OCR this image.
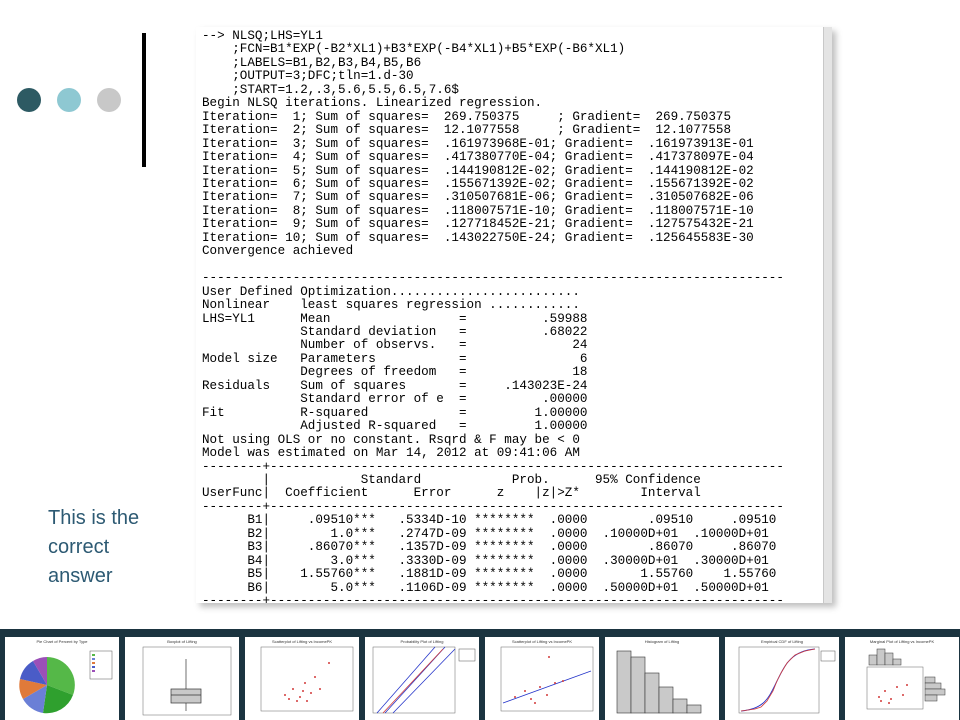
--> NLSQ;LHS=YL1
;FCN=B1*EXP(-B2*XL1)+B3*EXP(-B4*XL1)+B5*EXP(-B6*XL1)
;LABELS=B1,B2,B3,B4,B5,B6
;OUTPUT=3;DFC;tln=1.d-30
;START=1.2,.3,5.6,5.5,6.5,7.6$
Begin NLSQ iterations. Linearized regression.
Iteration=  1; Sum of squares=  269.750375     ; Gradient=  269.750375
Iteration=  2; Sum of squares=  12.1077558     ; Gradient=  12.1077558
Iteration=  3; Sum of squares=  .161973968E-01; Gradient=  .161973913E-01
Iteration=  4; Sum of squares=  .417380770E-04; Gradient=  .417378097E-04
Iteration=  5; Sum of squares=  .144190812E-02; Gradient=  .144190812E-02
Iteration=  6; Sum of squares=  .155671392E-02; Gradient=  .155671392E-02
Iteration=  7; Sum of squares=  .310507681E-06; Gradient=  .310507682E-06
Iteration=  8; Sum of squares=  .118007571E-10; Gradient=  .118007571E-10
Iteration=  9; Sum of squares=  .127718452E-21; Gradient=  .127575432E-21
Iteration= 10; Sum of squares=  .143022750E-24; Gradient=  .125645583E-30
Convergence achieved

-----------------------------------------------------------------------------
User Defined Optimization.........................
Nonlinear    least squares regression ............
LHS=YL1      Mean                 =          .59988
Standard deviation   =          .68022
Number of observs.   =              24
Model size   Parameters           =               6
Degrees of freedom   =              18
Residuals    Sum of squares       =     .143023E-24
Standard error of e  =          .00000
Fit          R-squared            =         1.00000
Adjusted R-squared   =         1.00000
Not using OLS or no constant. Rsqrd & F may be < 0
Model was estimated on Mar 14, 2012 at 09:41:06 AM
--------+--------------------------------------------------------------------
|            Standard            Prob.      95% Confidence
UserFunc|  Coefficient      Error      z    |z|>Z*        Interval
--------+--------------------------------------------------------------------
B1|     .09510***   .5334D-10 ********  .0000        .09510     .09510
B2|        1.0***   .2747D-09 ********  .0000  .10000D+01  .10000D+01
B3|     .86070***   .1357D-09 ********  .0000        .86070     .86070
B4|        3.0***   .3330D-09 ********  .0000  .30000D+01  .30000D+01
B5|    1.55760***   .1881D-09 ********  .0000       1.55760    1.55760
B6|        5.0***   .1106D-09 ********  .0000  .50000D+01  .50000D+01
--------+--------------------------------------------------------------------

This is the correct answer
Pie Chart of Percent by Type	Boxplot of Lifting	Scatterplot of Lifting vs IncomePK	Probability Plot of Lifting	Scatterplot of Lifting vs IncomePK	Histogram of Lifting	Empirical CDF of Lifting	Marginal Plot of Lifting vs IncomePK
